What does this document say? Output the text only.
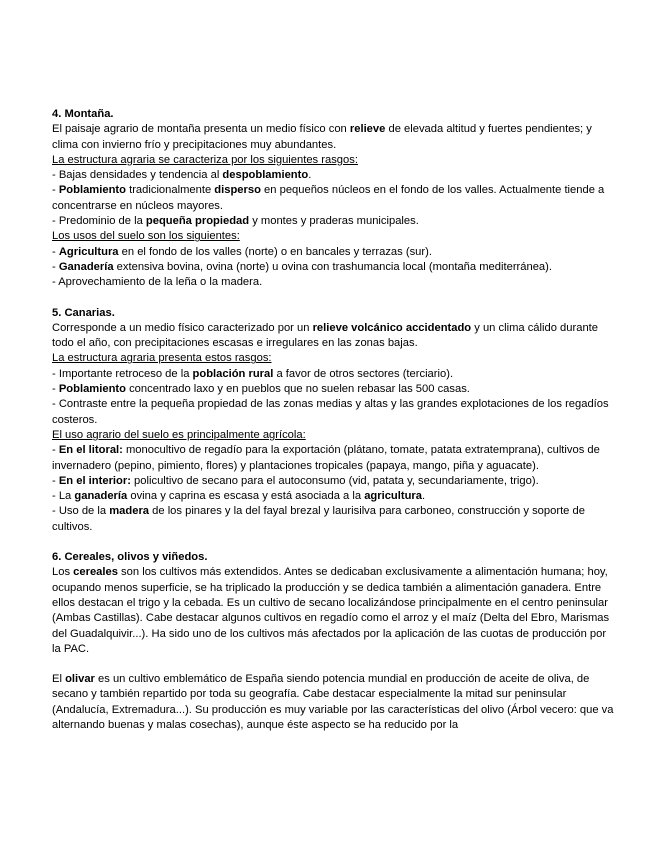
4. Montaña.

El paisaje agrario de montaña presenta un medio físico con relieve de elevada altitud y fuertes pendientes; y clima con invierno frío y precipitaciones muy abundantes.

La estructura agraria se caracteriza por los siguientes rasgos:

- Bajas densidades y tendencia al despoblamiento.

- Poblamiento tradicionalmente disperso en pequeños núcleos en el fondo de los valles. Actualmente tiende a concentrarse en núcleos mayores.

- Predominio de la pequeña propiedad y montes y praderas municipales.

Los usos del suelo son los siguientes:

- Agricultura en el fondo de los valles (norte) o en bancales y terrazas (sur).

- Ganadería extensiva bovina, ovina (norte) u ovina con trashumancia local (montaña mediterránea).

- Aprovechamiento de la leña o la madera.

5. Canarias.

Corresponde a un medio físico caracterizado por un relieve volcánico accidentado y un clima cálido durante todo el año, con precipitaciones escasas e irregulares en las zonas bajas.

La estructura agraria presenta estos rasgos:

- Importante retroceso de la población rural a favor de otros sectores (terciario).

- Poblamiento concentrado laxo y en pueblos que no suelen rebasar las 500 casas.

- Contraste entre la pequeña propiedad de las zonas medias y altas y las grandes explotaciones de los regadíos costeros.

El uso agrario del suelo es principalmente agrícola:

- En el litoral: monocultivo de regadío para la exportación (plátano, tomate, patata extratemprana), cultivos de invernadero (pepino, pimiento, flores) y plantaciones tropicales (papaya, mango, piña y aguacate).

- En el interior: policultivo de secano para el autoconsumo (vid, patata y, secundariamente, trigo).

- La ganadería ovina y caprina es escasa y está asociada a la agricultura.

- Uso de la madera de los pinares y la del fayal brezal y laurisilva para carboneo, construcción y soporte de cultivos.

6. Cereales, olivos y viñedos.

Los cereales son los cultivos más extendidos. Antes se dedicaban exclusivamente a alimentación humana; hoy, ocupando menos superficie, se ha triplicado la producción y se dedica también a alimentación ganadera. Entre ellos destacan el trigo y la cebada. Es un cultivo de secano localizándose principalmente en el centro peninsular (Ambas Castillas). Cabe destacar algunos cultivos en regadío como el arroz y el maíz (Delta del Ebro, Marismas del Guadalquivir...). Ha sido uno de los cultivos más afectados por la aplicación de las cuotas de producción por la PAC.

El olivar es un cultivo emblemático de España siendo potencia mundial en producción de aceite de oliva, de secano y también repartido por toda su geografía. Cabe destacar especialmente la mitad sur peninsular (Andalucía, Extremadura...). Su producción es muy variable por las características del olivo (Árbol vecero: que va alternando buenas y malas cosechas), aunque éste aspecto se ha reducido por la
